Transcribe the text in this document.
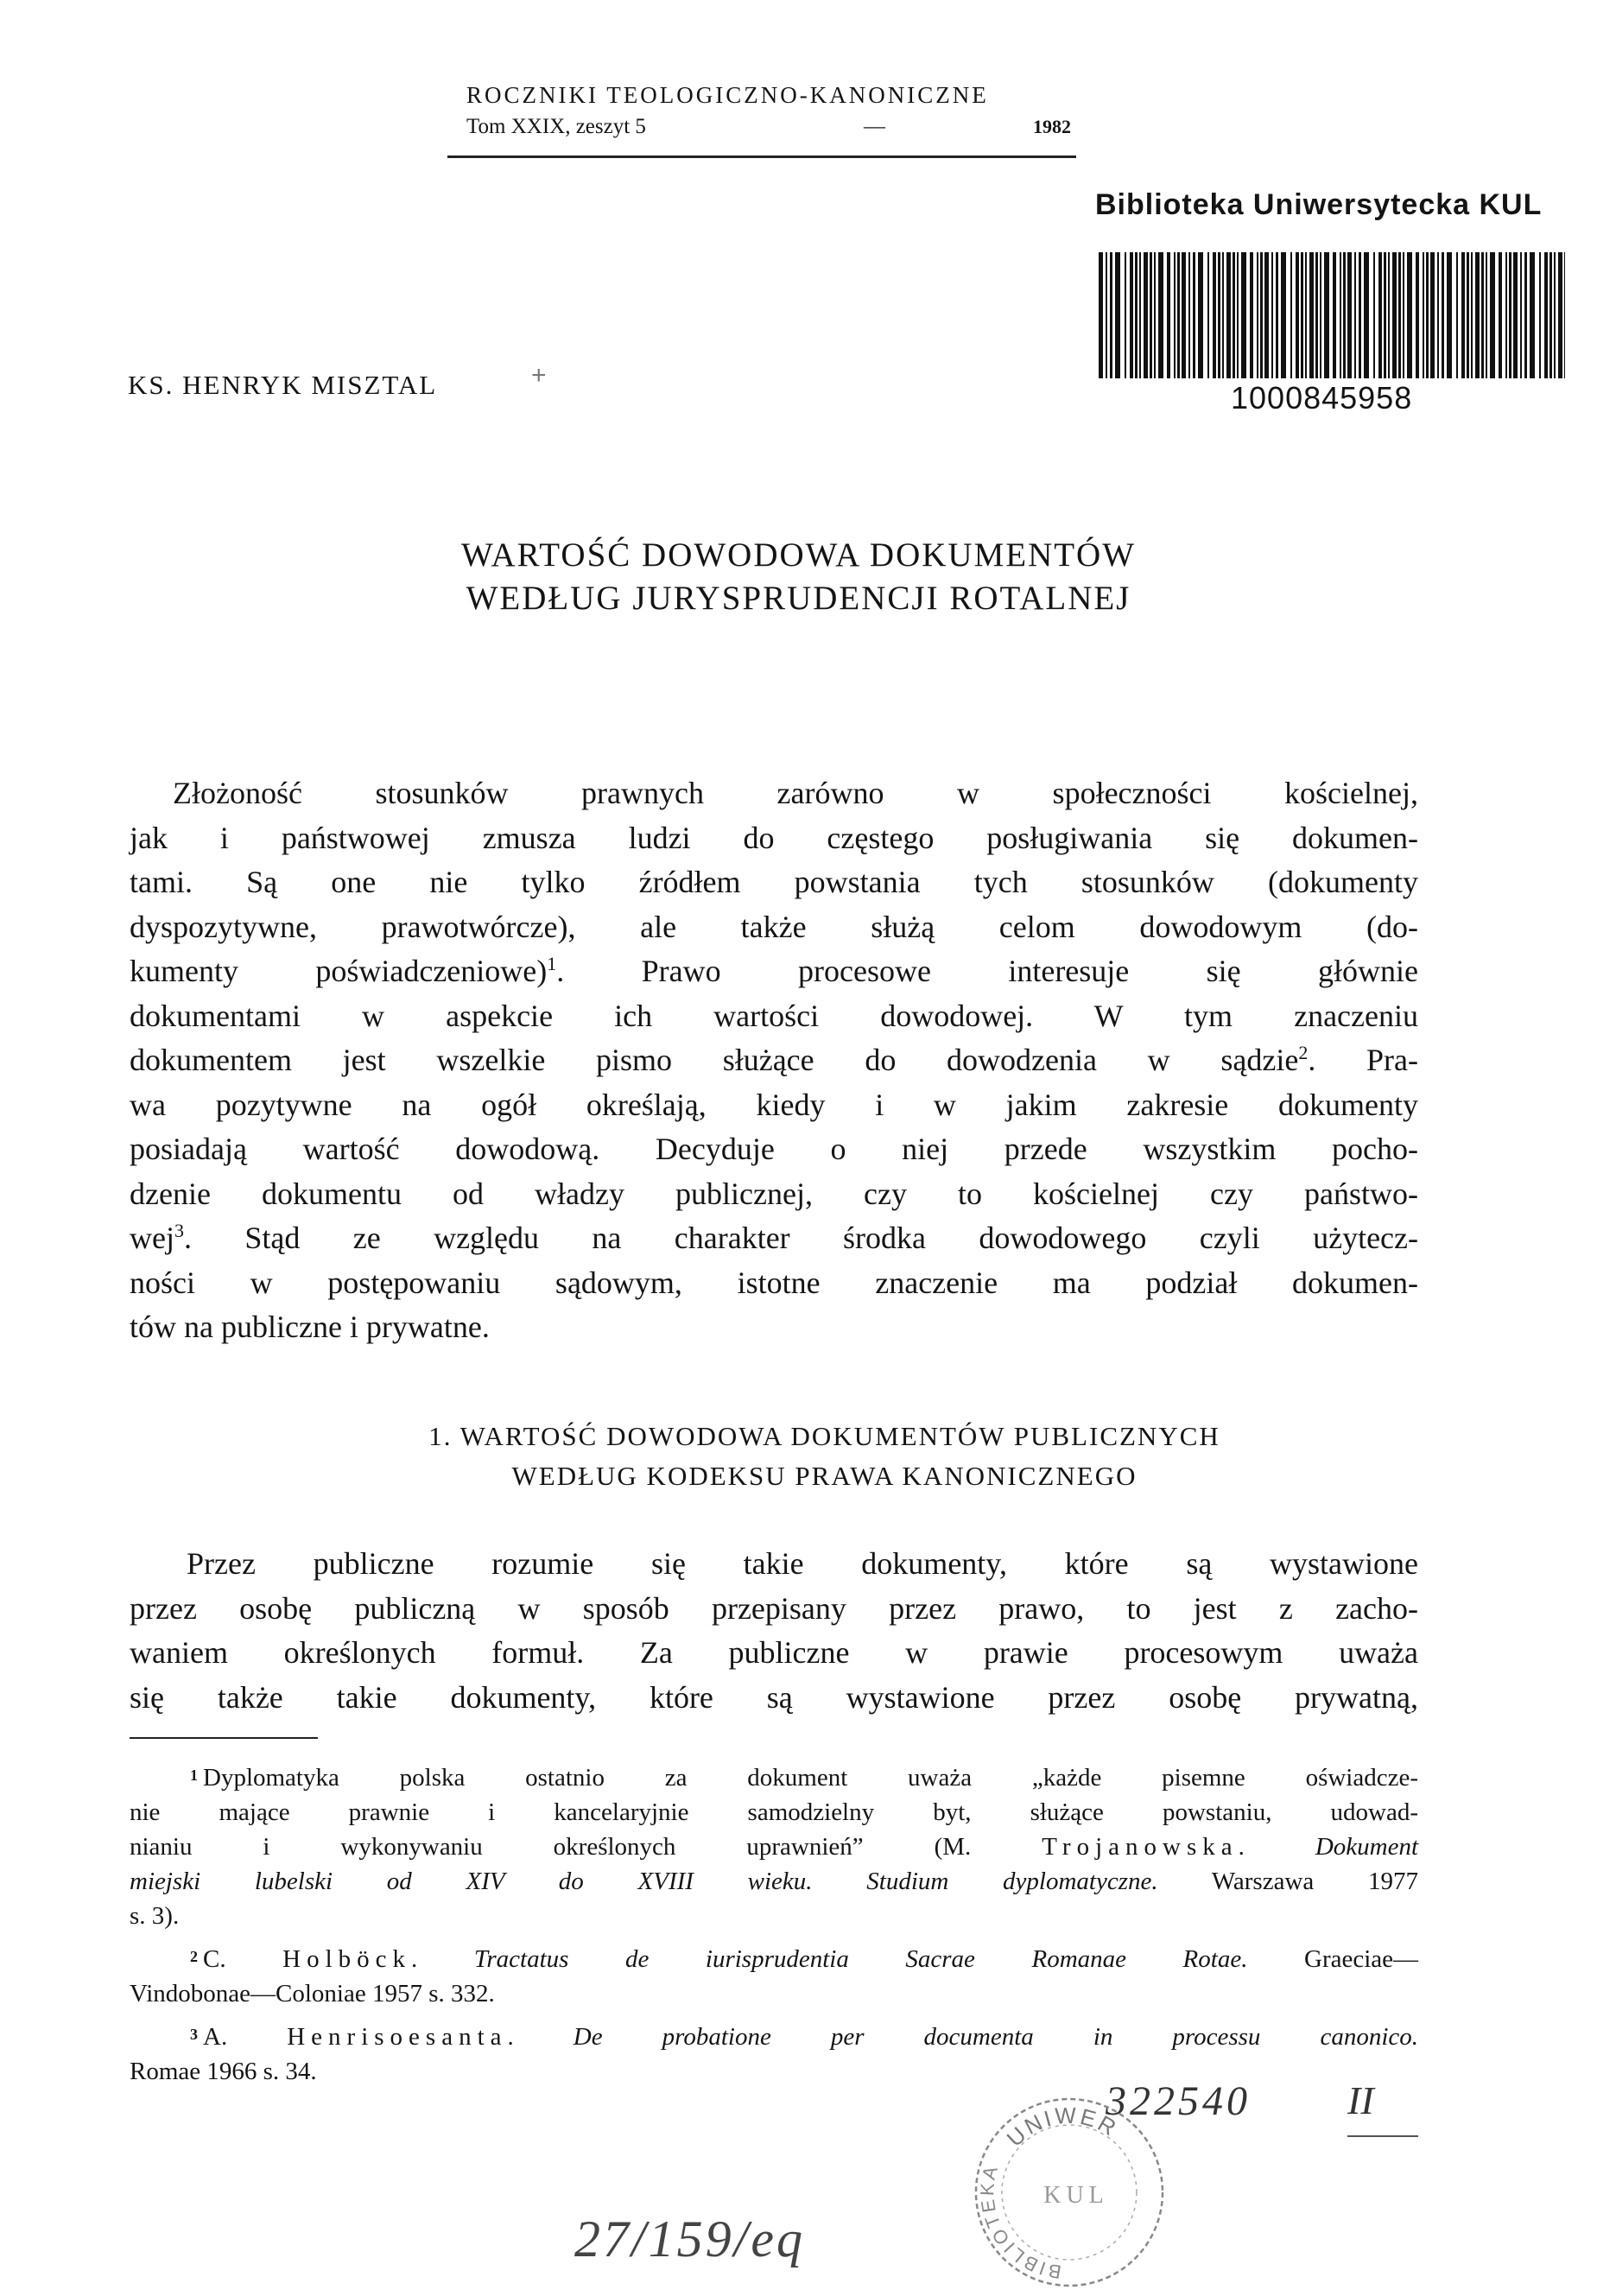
ROCZNIKI TEOLOGICZNO-KANONICZNE
Tom XXIX, zeszyt 5	—	1982
Biblioteka Uniwersytecka KUL
1000845958
KS. HENRYK MISZTAL	+
WARTOŚĆ DOWODOWA DOKUMENTÓW
WEDŁUG JURYSPRUDENCJI ROTALNEJ
Złożoność stosunków prawnych zarówno w społeczności kościelnej,
jak i państwowej zmusza ludzi do częstego posługiwania się dokumen-
tami. Są one nie tylko źródłem powstania tych stosunków (dokumenty
dyspozytywne, prawotwórcze), ale także służą celom dowodowym (do-
kumenty poświadczeniowe)$^1$. Prawo procesowe interesuje się głównie
dokumentami w aspekcie ich wartości dowodowej. W tym znaczeniu
dokumentem jest wszelkie pismo służące do dowodzenia w sądzie$^2$. Pra-
wa pozytywne na ogół określają, kiedy i w jakim zakresie dokumenty
posiadają wartość dowodową. Decyduje o niej przede wszystkim pocho-
dzenie dokumentu od władzy publicznej, czy to kościelnej czy państwo-
wej$^3$. Stąd ze względu na charakter środka dowodowego czyli użytecz-
ności w postępowaniu sądowym, istotne znaczenie ma podział dokumen-
tów na publiczne i prywatne.
1. WARTOŚĆ DOWODOWA DOKUMENTÓW PUBLICZNYCH
WEDŁUG KODEKSU PRAWA KANONICZNEGO
Przez publiczne rozumie się takie dokumenty, które są wystawione
przez osobę publiczną w sposób przepisany przez prawo, to jest z zacho-
waniem określonych formuł. Za publiczne w prawie procesowym uważa
się także takie dokumenty, które są wystawione przez osobę prywatną,
$^1$ Dyplomatyka polska ostatnio za dokument uważa „każde pisemne oświadcze-
nie mające prawnie i kancelaryjnie samodzielny byt, służące powstaniu, udowad-
nianiu i wykonywaniu określonych uprawnień” (M.	Trojanowska.	Dokument
miejski lubelski od XIV do XVIII wieku. Studium dyplomatyczne. Warszawa 1977
s. 3).
$^2$ C. Holböck. Tractatus de iurisprudentia Sacrae Romanae Rotae. Graeciae—
Vindobonae—Coloniae 1957 s. 332.
$^3$ A. Henrisoesanta. De probatione per documenta in processu canonico.
Romae 1966 s. 34.
322540 II
27/159/eq
UNIWER
BIBLIOTEKA
KUL
